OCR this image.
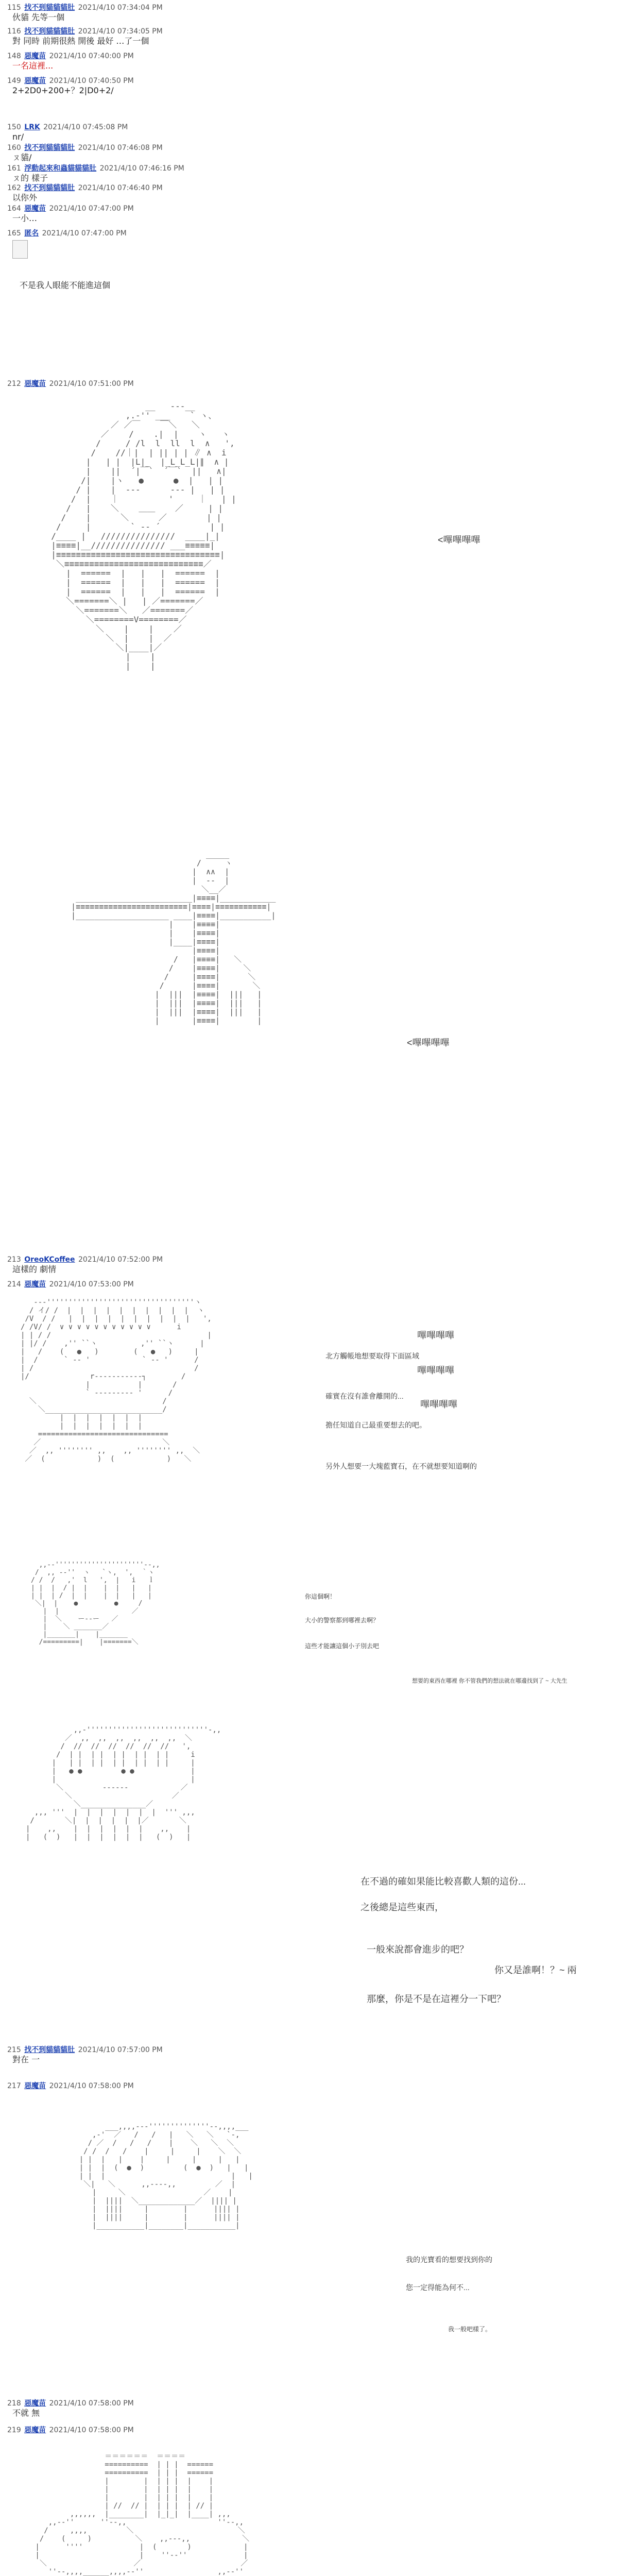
115 找不到貓貓貓肚 2021/4/10 07:34:04 PM
伙貓 先等一個
116 找不到貓貓貓肚 2021/4/10 07:34:05 PM
對 同時 前期很熱 開後 最好 …了一個
148 惡魔苗 2021/4/10 07:40:00 PM
一名這裡...
149 惡魔苗 2021/4/10 07:40:50 PM
2+2D0+200+？2|D0+2/
150 LRK 2021/4/10 07:45:08 PM
nr/
160 找不到貓貓貓肚 2021/4/10 07:46:08 PM
ㄡ貓/
161 浮動起來和蟲貓貓貓肚 2021/4/10 07:46:16 PM
ㄡ的 樣子
162 找不到貓貓貓肚 2021/4/10 07:46:40 PM
以你外
164 惡魔苗 2021/4/10 07:47:00 PM
一小…
165 匿名 2021/4/10 07:47:00 PM
不是我人眼能不能進這個
212 惡魔苗 2021/4/10 07:51:00 PM
__   ---__
,.-'' ___    ` ヽ、
／ ／￣    ￣＼   ＼
／    /    .|  |    ヽ   ヽ
/     / /l  l  ll  l  ∧   ',
/    //｜|  | || | | ∥ ∧  i
|   | |  |L|_  |_L_L_L|∥  ∧ |
|    ||  ´|￣`  ´￣`  ||   ∧|
/|    |ヽ   ●      ●  |   | |
/ |    |  ‐‐‐      ‐‐‐ |   | |
/  |    ｜          '     ｜   | |
/   |    ＼    ＿＿    ／     | |
/    |      ＼      ／        | |
/     |        ` ‐‐ ´          | |
/____ |   ///////////////  ____|_|
|≡≡≡≡|__/////////////// ___≡≡≡≡≡|
|≡≡≡≡≡≡≡≡≡≡≡≡≡≡≡≡≡≡≡≡≡≡≡≡≡≡≡≡≡≡≡≡≡|
＼≡≡≡≡≡≡≡≡≡≡≡≡≡≡≡≡≡≡≡≡≡≡≡≡≡≡≡≡／
|  ======  |   |   |  ======  |
|  ======  |   |   |  ======  |
|  ======  |   |   |  ======  |
＼=======＼ |   | ／=======／
＼=======＼   ／=======／
＼========V========／
＼    |    |    ／
＼  |    |  ／
＼|____|／
|    |
|    |

<嗶嗶嗶嗶
_____
/     ヽ
|  ∧∧  |
|  ‐‐  |
＼__／
_________________________|≡≡≡≡|____________
|≡≡≡≡≡≡≡≡≡≡≡≡≡≡≡≡≡≡≡≡≡≡≡≡|≡≡≡≡|≡≡≡≡≡≡≡≡≡≡≡|
|____________________ ____|≡≡≡≡|___________|
|    |≡≡≡≡|
|    |≡≡≡≡|
|____|≡≡≡≡|
|≡≡≡≡|
/   |≡≡≡≡|   ＼
/    |≡≡≡≡|     ＼
/     |≡≡≡≡|      ＼
/      |≡≡≡≡|       ＼
|  |||  |≡≡≡≡|  |||   |
|  |||  |≡≡≡≡|  |||   |
|  |||  |≡≡≡≡|  |||   |
|       |≡≡≡≡|        |

<嗶嗶嗶嗶
213 OreoKCoffee 2021/4/10 07:52:00 PM
這樣的 劇情
214 惡魔苗 2021/4/10 07:53:00 PM
---''''''''''''''''''''''''''''''''''ヽ
/ イ/ /  |  |  |  |  |  |  |  |  |  |  ヽ
/V  / /   |  |  |  |  |  |  |  |  |  |   ',
/ /V/ /  ∨ ∨ ∨ ∨ ∨ ∨ ∨ ∨ ∨ ∨ ∨      i
| | / /                                    |
| |/ /    ,'' ``ヽ          ,'' ``ヽ      |
|   /    (   ●   )        (   ●   )     |
|  /      ` ‐‐ '            ` ‐‐ '      /
| /                                     /
|/              r‐‐‐‐‐‐‐‐‐‐‐┐        /
|           |       /
` ‐‐‐‐‐‐‐‐‐ '      /
＼                             /
＼___________________________/
|  |  |  |  |  |  |
|  |  |  |  |  |  |
==============================
／                            ＼
／  ,, '''''''' ,,    ,, '''''''' ,,  ＼
／  (            )  (            )   ＼

嗶嗶嗶嗶
北方觸帳地想要取得下面區域
嗶嗶嗶嗶
確實在沒有誰會離開的...
嗶嗶嗶嗶
擔任知道自己最重要想去的吧。
另外人想要一大塊藍寶石，在不就想要知道啊的
,,-‐''''''''''''''''''''''‐-,,
/  ,, -‐''  ヽ   `ヽ,  ',  ｀ヽ
/ /  /   ,'  l   ',  |   i   ｌ
| |  |  / |  |    |  |   |   |
| |  | /  |  |    |  |   |   |
＼|  |    ●         ●     /
|  |                  ／
|  ＼    ー‐‐ー   ／
|    ＼ _______／
|_______|    |_______
/=========|    |=======＼

你這個啊！
大小的警察都到哪裡去啊？
這些才能讓這個小子別去吧
想要的東西在哪裡 你不管我們的想法就在哪邊找到了 ~ 大先生
,,-''''''''''''''''''''''''''''-,,
／  ,,  ,,  ,,  ,,  ,,  ,,  ＼
/  //  //  //  //  //  //   ',
/  | |  | |  | |  | |  | |     i
|   | |  | |  | |  | |  | |     |
|   ● ●         ● ●             |
|                               |
＼         ‐‐‐‐‐‐            ／
＼                       ／
＼_______________／
,,, '''  |  |  |  |  |  |  |  ''' ,,,
/       ＼|  |  |  |  |  |／       ＼
|    ,,    |  |  |  |  |  |    ,,    |
|   (  )   |  |  |  |  |  |   (  )   |

在不過的確如果能比較喜歡人類的這份...
之後總是這些東西，
一般來說都會進步的吧？
你又是誰啊！？~ 兩
那麼，你是不是在這裡分一下吧？
215 找不到貓貓貓肚 2021/4/10 07:57:00 PM
對在 一
217 惡魔苗 2021/4/10 07:58:00 PM
___,,,,---''''''''''''''--,,,,___
,-'  ／   /   /   |   ＼   ＼   `-,
/ ／  /   /   /    |    ＼   ＼  ＼
/ /  /   /    |     |     |    ＼  ＼
| |  |   |    |     |     |     |   |
| |  |  (  ●  )         (  ●  )   |   |
| |  |                             |   |
＼|   ＼      ,,‐‐‐‐,,         ／  |
|     ＼                  ／    |
|  ||||  ＼_____________／  |||| |
|  ||||     |        |      |||| |
|  ||||     |        |      |||| |
|___________|________|___________|

我的光寶看的想要找到你的
您一定得能為何不...
我一般吧樣了。
218 惡魔苗 2021/4/10 07:58:00 PM
不就 無
219 惡魔苗 2021/4/10 07:58:00 PM
＝＝＝＝＝＝  ＝＝＝＝
==========  | | |  ======
==========  | | |  ======
|        |  | | |  |    |
|        |  | | |  |    |
|        |  | | |  |    |
| //  // |  | | |  | // |
,,,,,,  |________|  |_|_|  |____| ,,,
,,‐‐''      ''‐‐,,                     ''‐‐,,
/     ,,,,         ＼                        ＼
/    (     )          ＼    ,,‐‐‐,,            ＼
|      ''''             |  (       )            |
|                       |    ''‐‐''             |
＼                    ／                       ／
''‐‐,,,,______,,,,‐‐''                 ,,‐‐''
